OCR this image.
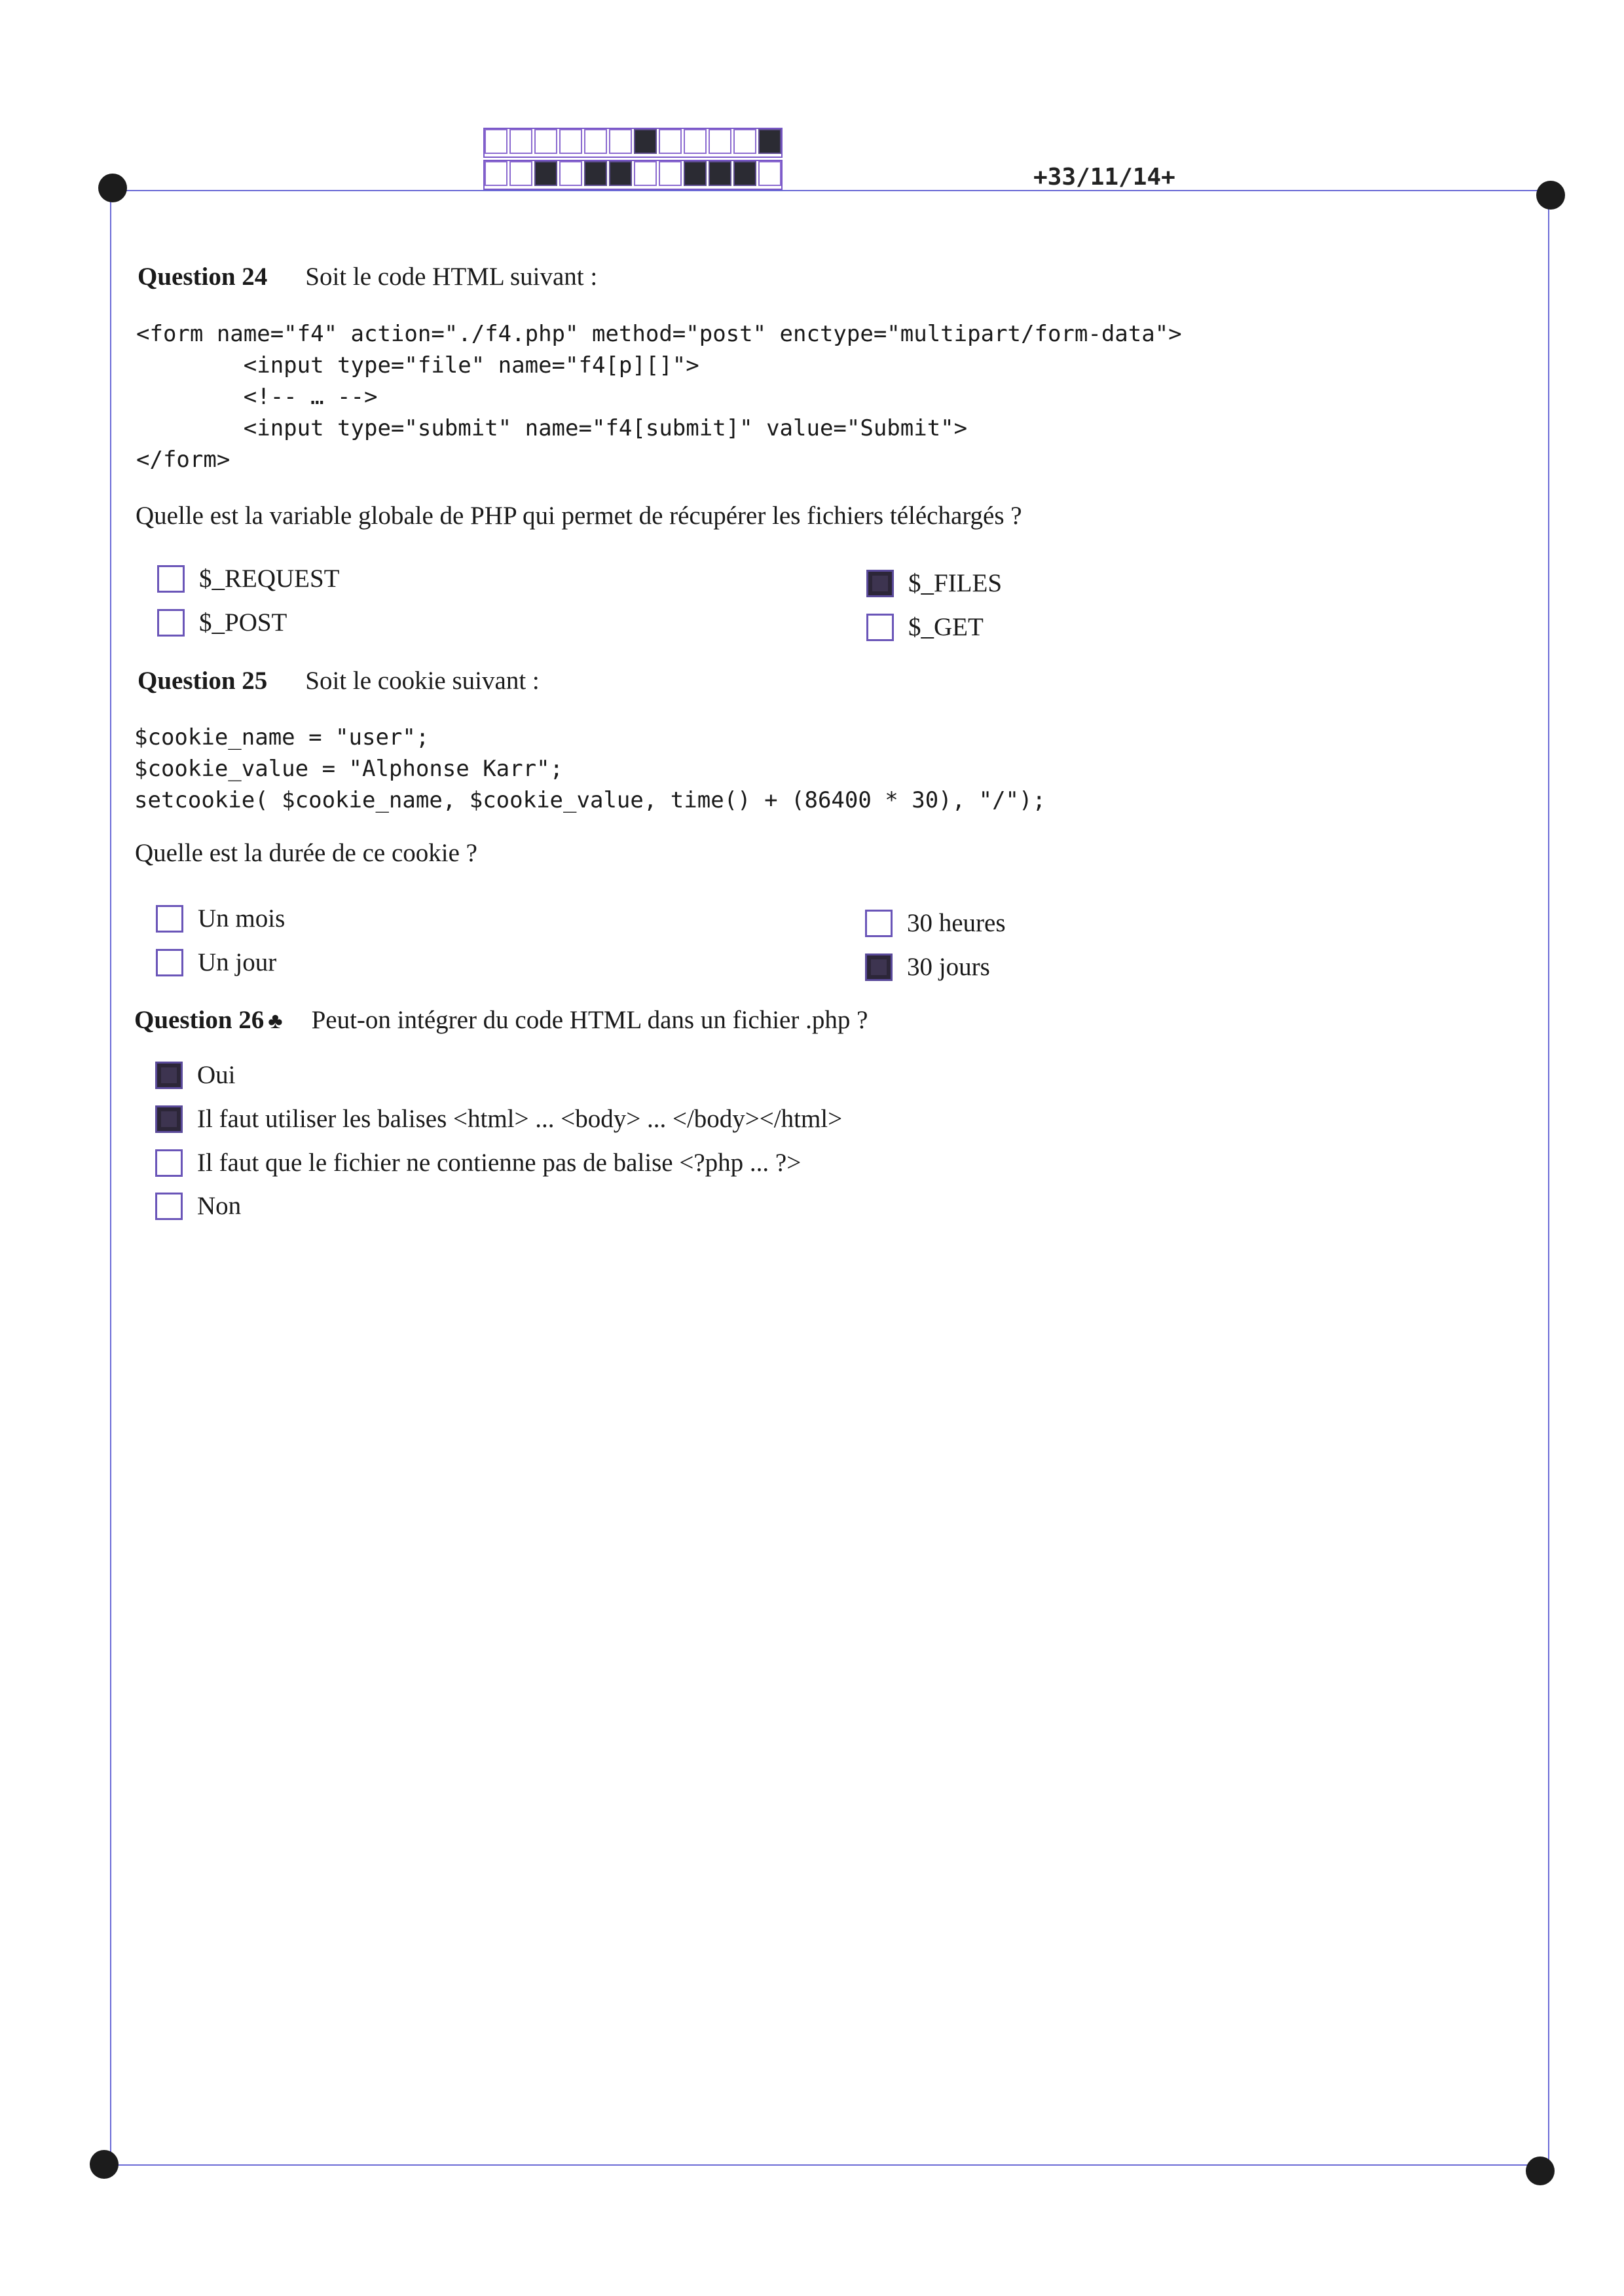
+33/11/14+
Question 24 Soit le code HTML suivant :
<form name="f4" action="./f4.php" method="post" enctype="multipart/form-data">
<input type="file" name="f4[p][]">
<!-- … -->
<input type="submit" name="f4[submit]" value="Submit">
</form>
Quelle est la variable globale de PHP qui permet de récupérer les fichiers téléchargés ?
$_REQUEST
$_POST
$_FILES
$_GET
Question 25 Soit le cookie suivant :
$cookie_name = "user";
$cookie_value = "Alphonse Karr";
setcookie( $cookie_name, $cookie_value, time() + (86400 * 30), "/");
Quelle est la durée de ce cookie ?
Un mois
Un jour
30 heures
30 jours
Question 26 ♣ Peut-on intégrer du code HTML dans un fichier .php ?
Oui
Il faut utiliser les balises <html> ... <body> ... </body></html>
Il faut que le fichier ne contienne pas de balise <?php ... ?>
Non
